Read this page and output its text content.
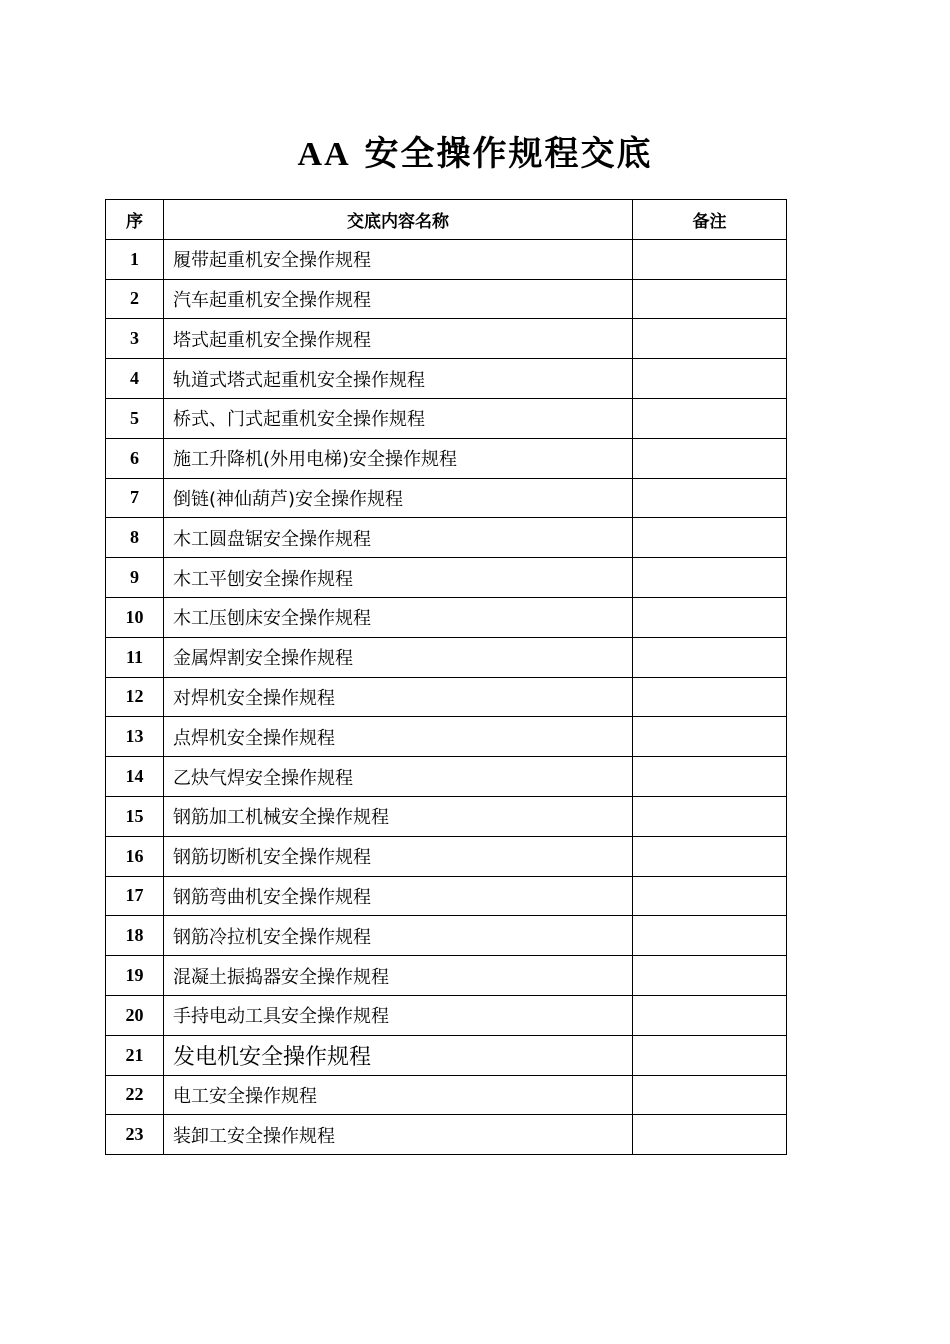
AA 安全操作规程交底
序	交底内容名称	备注
1	履带起重机安全操作规程	
2	汽车起重机安全操作规程	
3	塔式起重机安全操作规程	
4	轨道式塔式起重机安全操作规程	
5	桥式、门式起重机安全操作规程	
6	施工升降机(外用电梯)安全操作规程	
7	倒链(神仙葫芦)安全操作规程	
8	木工圆盘锯安全操作规程	
9	木工平刨安全操作规程	
10	木工压刨床安全操作规程	
11	金属焊割安全操作规程	
12	对焊机安全操作规程	
13	点焊机安全操作规程	
14	乙炔气焊安全操作规程	
15	钢筋加工机械安全操作规程	
16	钢筋切断机安全操作规程	
17	钢筋弯曲机安全操作规程	
18	钢筋冷拉机安全操作规程	
19	混凝土振捣器安全操作规程	
20	手持电动工具安全操作规程	
21	发电机安全操作规程	
22	电工安全操作规程	
23	装卸工安全操作规程	
